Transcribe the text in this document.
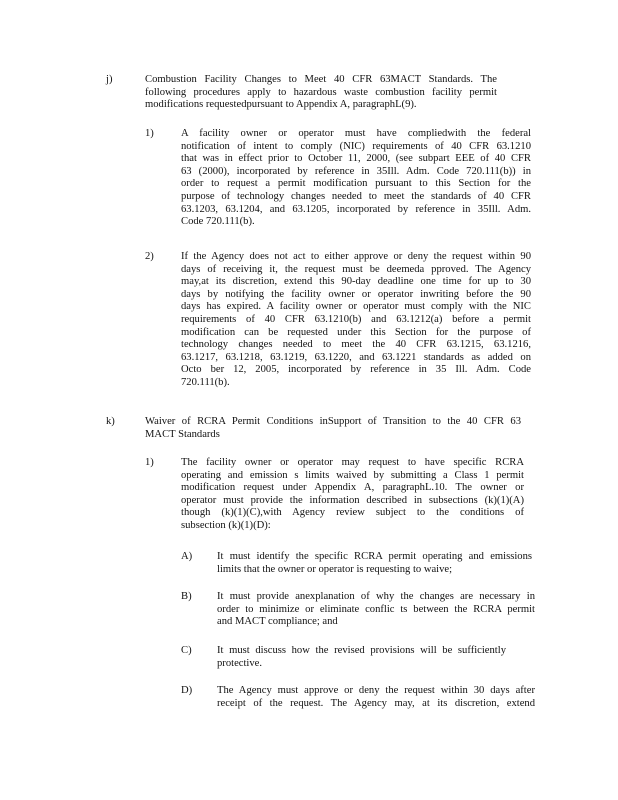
j)	Combustion Facility Changes to Meet 40 CFR 63MACT Standards. The
following procedures apply to hazardous waste combustion facility permit
modifications requestedpursuant to Appendix A, paragraphL(9).
1)	A facility owner or operator must have compliedwith the federal
notification of intent to comply (NIC) requirements of 40 CFR 63.1210
that was in effect prior to October 11, 2000, (see subpart EEE of 40 CFR
63 (2000), incorporated by reference in 35Ill. Adm. Code 720.111(b)) in
order to request a permit modification pursuant to this Section for the
purpose of technology changes needed to meet the standards of 40 CFR
63.1203, 63.1204, and 63.1205, incorporated by reference in 35Ill. Adm.
Code 720.111(b).
2)	If the Agency does not act to either approve or deny the request within 90
days of receiving it, the request must be deemeda pproved. The Agency
may,at its discretion, extend this 90-day deadline one time for up to 30
days by notifying the facility owner or operator inwriting before the 90
days has expired. A facility owner or operator must comply with the NIC
requirements of 40 CFR 63.1210(b) and 63.1212(a) before a permit
modification can be requested under this Section for the purpose of
technology changes needed to meet the 40 CFR 63.1215, 63.1216,
63.1217, 63.1218, 63.1219, 63.1220, and 63.1221 standards as added on
Octo ber 12, 2005, incorporated by reference in 35 Ill. Adm. Code
720.111(b).
k)	Waiver of RCRA Permit Conditions inSupport of Transition to the 40 CFR 63
MACT Standards
1)	The facility owner or operator may request to have specific RCRA
operating and emission s limits waived by submitting a Class 1 permit
modification request under Appendix A, paragraphL.10. The owner or
operator must provide the information described in subsections (k)(1)(A)
though (k)(1)(C),with Agency review subject to the conditions of
subsection (k)(1)(D):
A) It must identify the specific RCRA permit operating and emissions
limits that the owner or operator is requesting to waive;
B) It must provide anexplanation of why the changes are necessary in
order to minimize or eliminate conflic ts between the RCRA permit
and MACT compliance; and
C) It must discuss how the revised provisions will be sufficiently
protective.
D) The Agency must approve or deny the request within 30 days after
receipt of the request. The Agency may, at its discretion, extend
